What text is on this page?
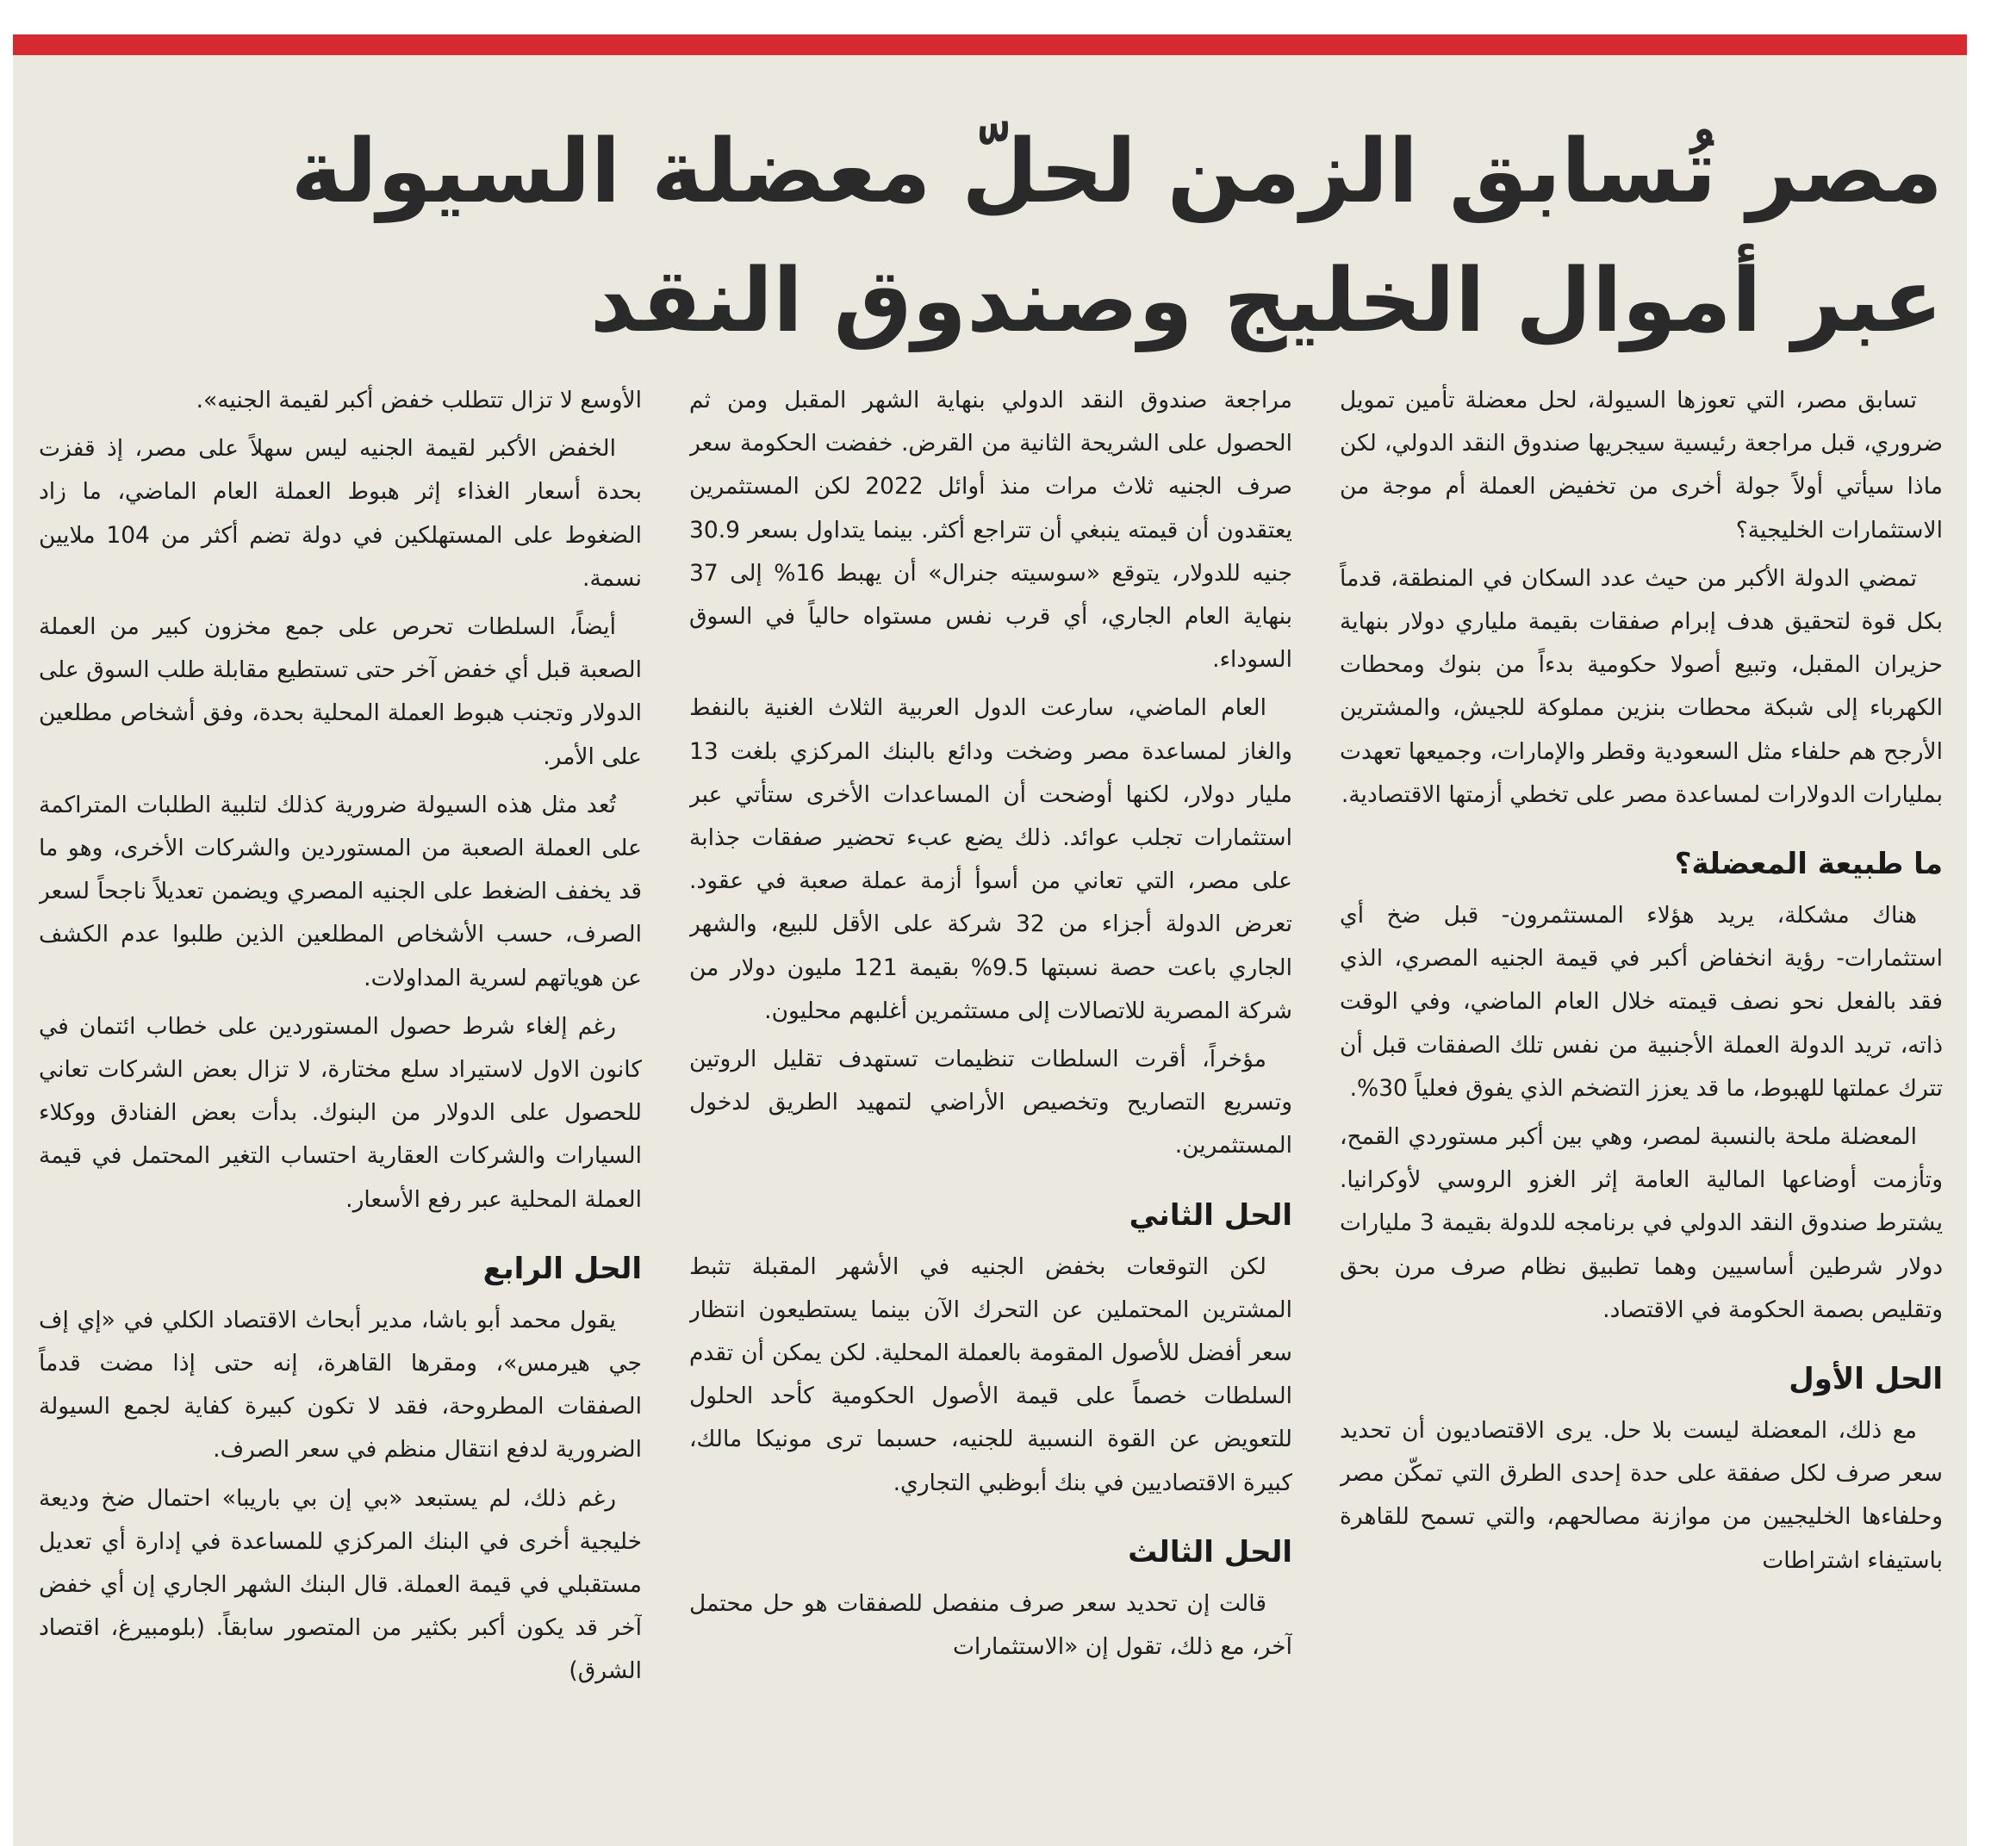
مصر تُسابق الزمن لحلّ معضلة السيولة
عبر أموال الخليج وصندوق النقد

تسابق مصر، التي تعوزها السيولة، لحل معضلة تأمين تمويل ضروري، قبل مراجعة رئيسية سيجريها صندوق النقد الدولي، لكن ماذا سيأتي أولاً جولة أخرى من تخفيض العملة أم موجة من الاستثمارات الخليجية؟

تمضي الدولة الأكبر من حيث عدد السكان في المنطقة، قدماً بكل قوة لتحقيق هدف إبرام صفقات بقيمة ملياري دولار بنهاية حزيران المقبل، وتبيع أصولا حكومية بدءاً من بنوك ومحطات الكهرباء إلى شبكة محطات بنزين مملوكة للجيش، والمشترين الأرجح هم حلفاء مثل السعودية وقطر والإمارات، وجميعها تعهدت بمليارات الدولارات لمساعدة مصر على تخطي أزمتها الاقتصادية.

ما طبيعة المعضلة؟

هناك مشكلة، يريد هؤلاء المستثمرون- قبل ضخ أي استثمارات- رؤية انخفاض أكبر في قيمة الجنيه المصري، الذي فقد بالفعل نحو نصف قيمته خلال العام الماضي، وفي الوقت ذاته، تريد الدولة العملة الأجنبية من نفس تلك الصفقات قبل أن تترك عملتها للهبوط، ما قد يعزز التضخم الذي يفوق فعلياً 30%.

المعضلة ملحة بالنسبة لمصر، وهي بين أكبر مستوردي القمح، وتأزمت أوضاعها المالية العامة إثر الغزو الروسي لأوكرانيا. يشترط صندوق النقد الدولي في برنامجه للدولة بقيمة 3 مليارات دولار شرطين أساسيين وهما تطبيق نظام صرف مرن بحق وتقليص بصمة الحكومة في الاقتصاد.

الحل الأول

مع ذلك، المعضلة ليست بلا حل. يرى الاقتصاديون أن تحديد سعر صرف لكل صفقة على حدة إحدى الطرق التي تمكّن مصر وحلفاءها الخليجيين من موازنة مصالحهم، والتي تسمح للقاهرة باستيفاء اشتراطات

مراجعة صندوق النقد الدولي بنهاية الشهر المقبل ومن ثم الحصول على الشريحة الثانية من القرض. خفضت الحكومة سعر صرف الجنيه ثلاث مرات منذ أوائل 2022 لكن المستثمرين يعتقدون أن قيمته ينبغي أن تتراجع أكثر. بينما يتداول بسعر 30.9 جنيه للدولار، يتوقع «سوسيته جنرال» أن يهبط 16% إلى 37 بنهاية العام الجاري، أي قرب نفس مستواه حالياً في السوق السوداء.

العام الماضي، سارعت الدول العربية الثلاث الغنية بالنفط والغاز لمساعدة مصر وضخت ودائع بالبنك المركزي بلغت 13 مليار دولار، لكنها أوضحت أن المساعدات الأخرى ستأتي عبر استثمارات تجلب عوائد. ذلك يضع عبء تحضير صفقات جذابة على مصر، التي تعاني من أسوأ أزمة عملة صعبة في عقود. تعرض الدولة أجزاء من 32 شركة على الأقل للبيع، والشهر الجاري باعت حصة نسبتها 9.5% بقيمة 121 مليون دولار من شركة المصرية للاتصالات إلى مستثمرين أغلبهم محليون.

مؤخراً، أقرت السلطات تنظيمات تستهدف تقليل الروتين وتسريع التصاريح وتخصيص الأراضي لتمهيد الطريق لدخول المستثمرين.

الحل الثاني

لكن التوقعات بخفض الجنيه في الأشهر المقبلة تثبط المشترين المحتملين عن التحرك الآن بينما يستطيعون انتظار سعر أفضل للأصول المقومة بالعملة المحلية. لكن يمكن أن تقدم السلطات خصماً على قيمة الأصول الحكومية كأحد الحلول للتعويض عن القوة النسبية للجنيه، حسبما ترى مونيكا مالك، كبيرة الاقتصاديين في بنك أبوظبي التجاري.

الحل الثالث

قالت إن تحديد سعر صرف منفصل للصفقات هو حل محتمل آخر، مع ذلك، تقول إن «الاستثمارات

الأوسع لا تزال تتطلب خفض أكبر لقيمة الجنيه».

الخفض الأكبر لقيمة الجنيه ليس سهلاً على مصر، إذ قفزت بحدة أسعار الغذاء إثر هبوط العملة العام الماضي، ما زاد الضغوط على المستهلكين في دولة تضم أكثر من 104 ملايين نسمة.

أيضاً، السلطات تحرص على جمع مخزون كبير من العملة الصعبة قبل أي خفض آخر حتى تستطيع مقابلة طلب السوق على الدولار وتجنب هبوط العملة المحلية بحدة، وفق أشخاص مطلعين على الأمر.

تُعد مثل هذه السيولة ضرورية كذلك لتلبية الطلبات المتراكمة على العملة الصعبة من المستوردين والشركات الأخرى، وهو ما قد يخفف الضغط على الجنيه المصري ويضمن تعديلاً ناجحاً لسعر الصرف، حسب الأشخاص المطلعين الذين طلبوا عدم الكشف عن هوياتهم لسرية المداولات.

رغم إلغاء شرط حصول المستوردين على خطاب ائتمان في كانون الاول لاستيراد سلع مختارة، لا تزال بعض الشركات تعاني للحصول على الدولار من البنوك. بدأت بعض الفنادق ووكلاء السيارات والشركات العقارية احتساب التغير المحتمل في قيمة العملة المحلية عبر رفع الأسعار.

الحل الرابع

يقول محمد أبو باشا، مدير أبحاث الاقتصاد الكلي في «إي إف جي هيرمس»، ومقرها القاهرة، إنه حتى إذا مضت قدماً الصفقات المطروحة، فقد لا تكون كبيرة كفاية لجمع السيولة الضرورية لدفع انتقال منظم في سعر الصرف.

رغم ذلك، لم يستبعد «بي إن بي باريبا» احتمال ضخ وديعة خليجية أخرى في البنك المركزي للمساعدة في إدارة أي تعديل مستقبلي في قيمة العملة. قال البنك الشهر الجاري إن أي خفض آخر قد يكون أكبر بكثير من المتصور سابقاً. (بلومبيرغ، اقتصاد الشرق)
